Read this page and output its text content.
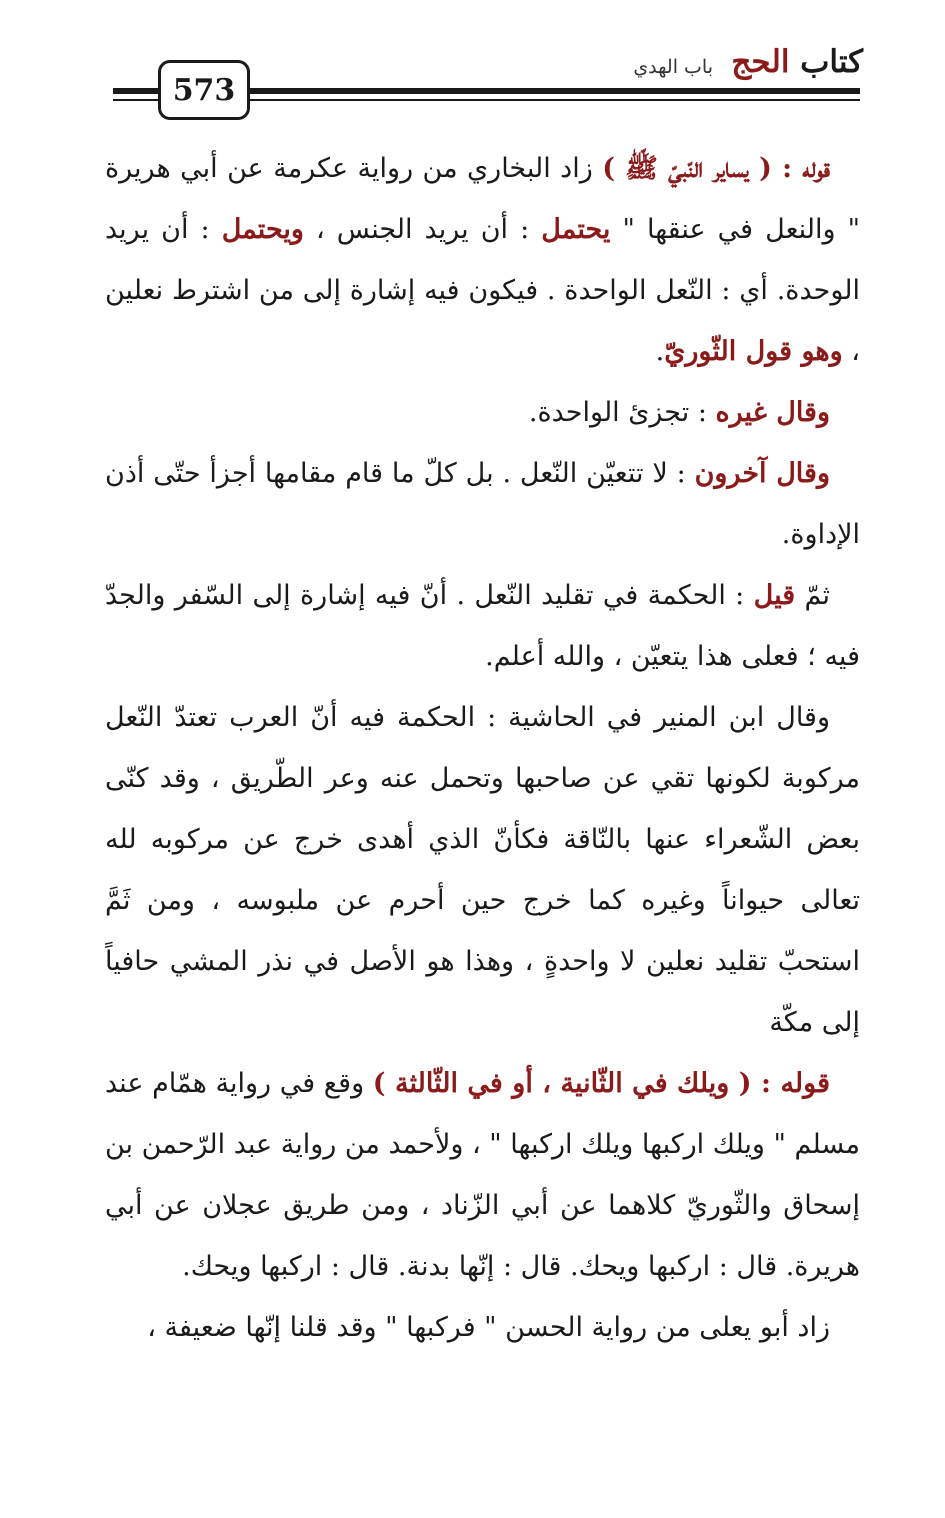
كتاب الحج
باب الهدي
573

قوله : ( يساير النّبيّ ﷺ ) زاد البخاري من رواية عكرمة عن أبي هريرة " والنعل في عنقها " يحتمل : أن يريد الجنس ، ويحتمل : أن يريد الوحدة. أي : النّعل الواحدة . فيكون فيه إشارة إلى من اشترط نعلين ، وهو قول الثّوريّ.

وقال غيره : تجزئ الواحدة.

وقال آخرون : لا تتعيّن النّعل . بل كلّ ما قام مقامها أجزأ حتّى أذن الإداوة.

ثمّ قيل : الحكمة في تقليد النّعل . أنّ فيه إشارة إلى السّفر والجدّ فيه ؛ فعلى هذا يتعيّن ، والله أعلم.

وقال ابن المنير في الحاشية : الحكمة فيه أنّ العرب تعتدّ النّعل مركوبة لكونها تقي عن صاحبها وتحمل عنه وعر الطّريق ، وقد كنّى بعض الشّعراء عنها بالنّاقة فكأنّ الذي أهدى خرج عن مركوبه لله تعالى حيواناً وغيره كما خرج حين أحرم عن ملبوسه ، ومن ثَمَّ استحبّ تقليد نعلين لا واحدةٍ ، وهذا هو الأصل في نذر المشي حافياً إلى مكّة

قوله : ( ويلك في الثّانية ، أو في الثّالثة ) وقع في رواية همّام عند مسلم " ويلك اركبها ويلك اركبها " ، ولأحمد من رواية عبد الرّحمن بن إسحاق والثّوريّ كلاهما عن أبي الزّناد ، ومن طريق عجلان عن أبي هريرة. قال : اركبها ويحك. قال : إنّها بدنة. قال : اركبها ويحك.

زاد أبو يعلى من رواية الحسن " فركبها " وقد قلنا إنّها ضعيفة ،
